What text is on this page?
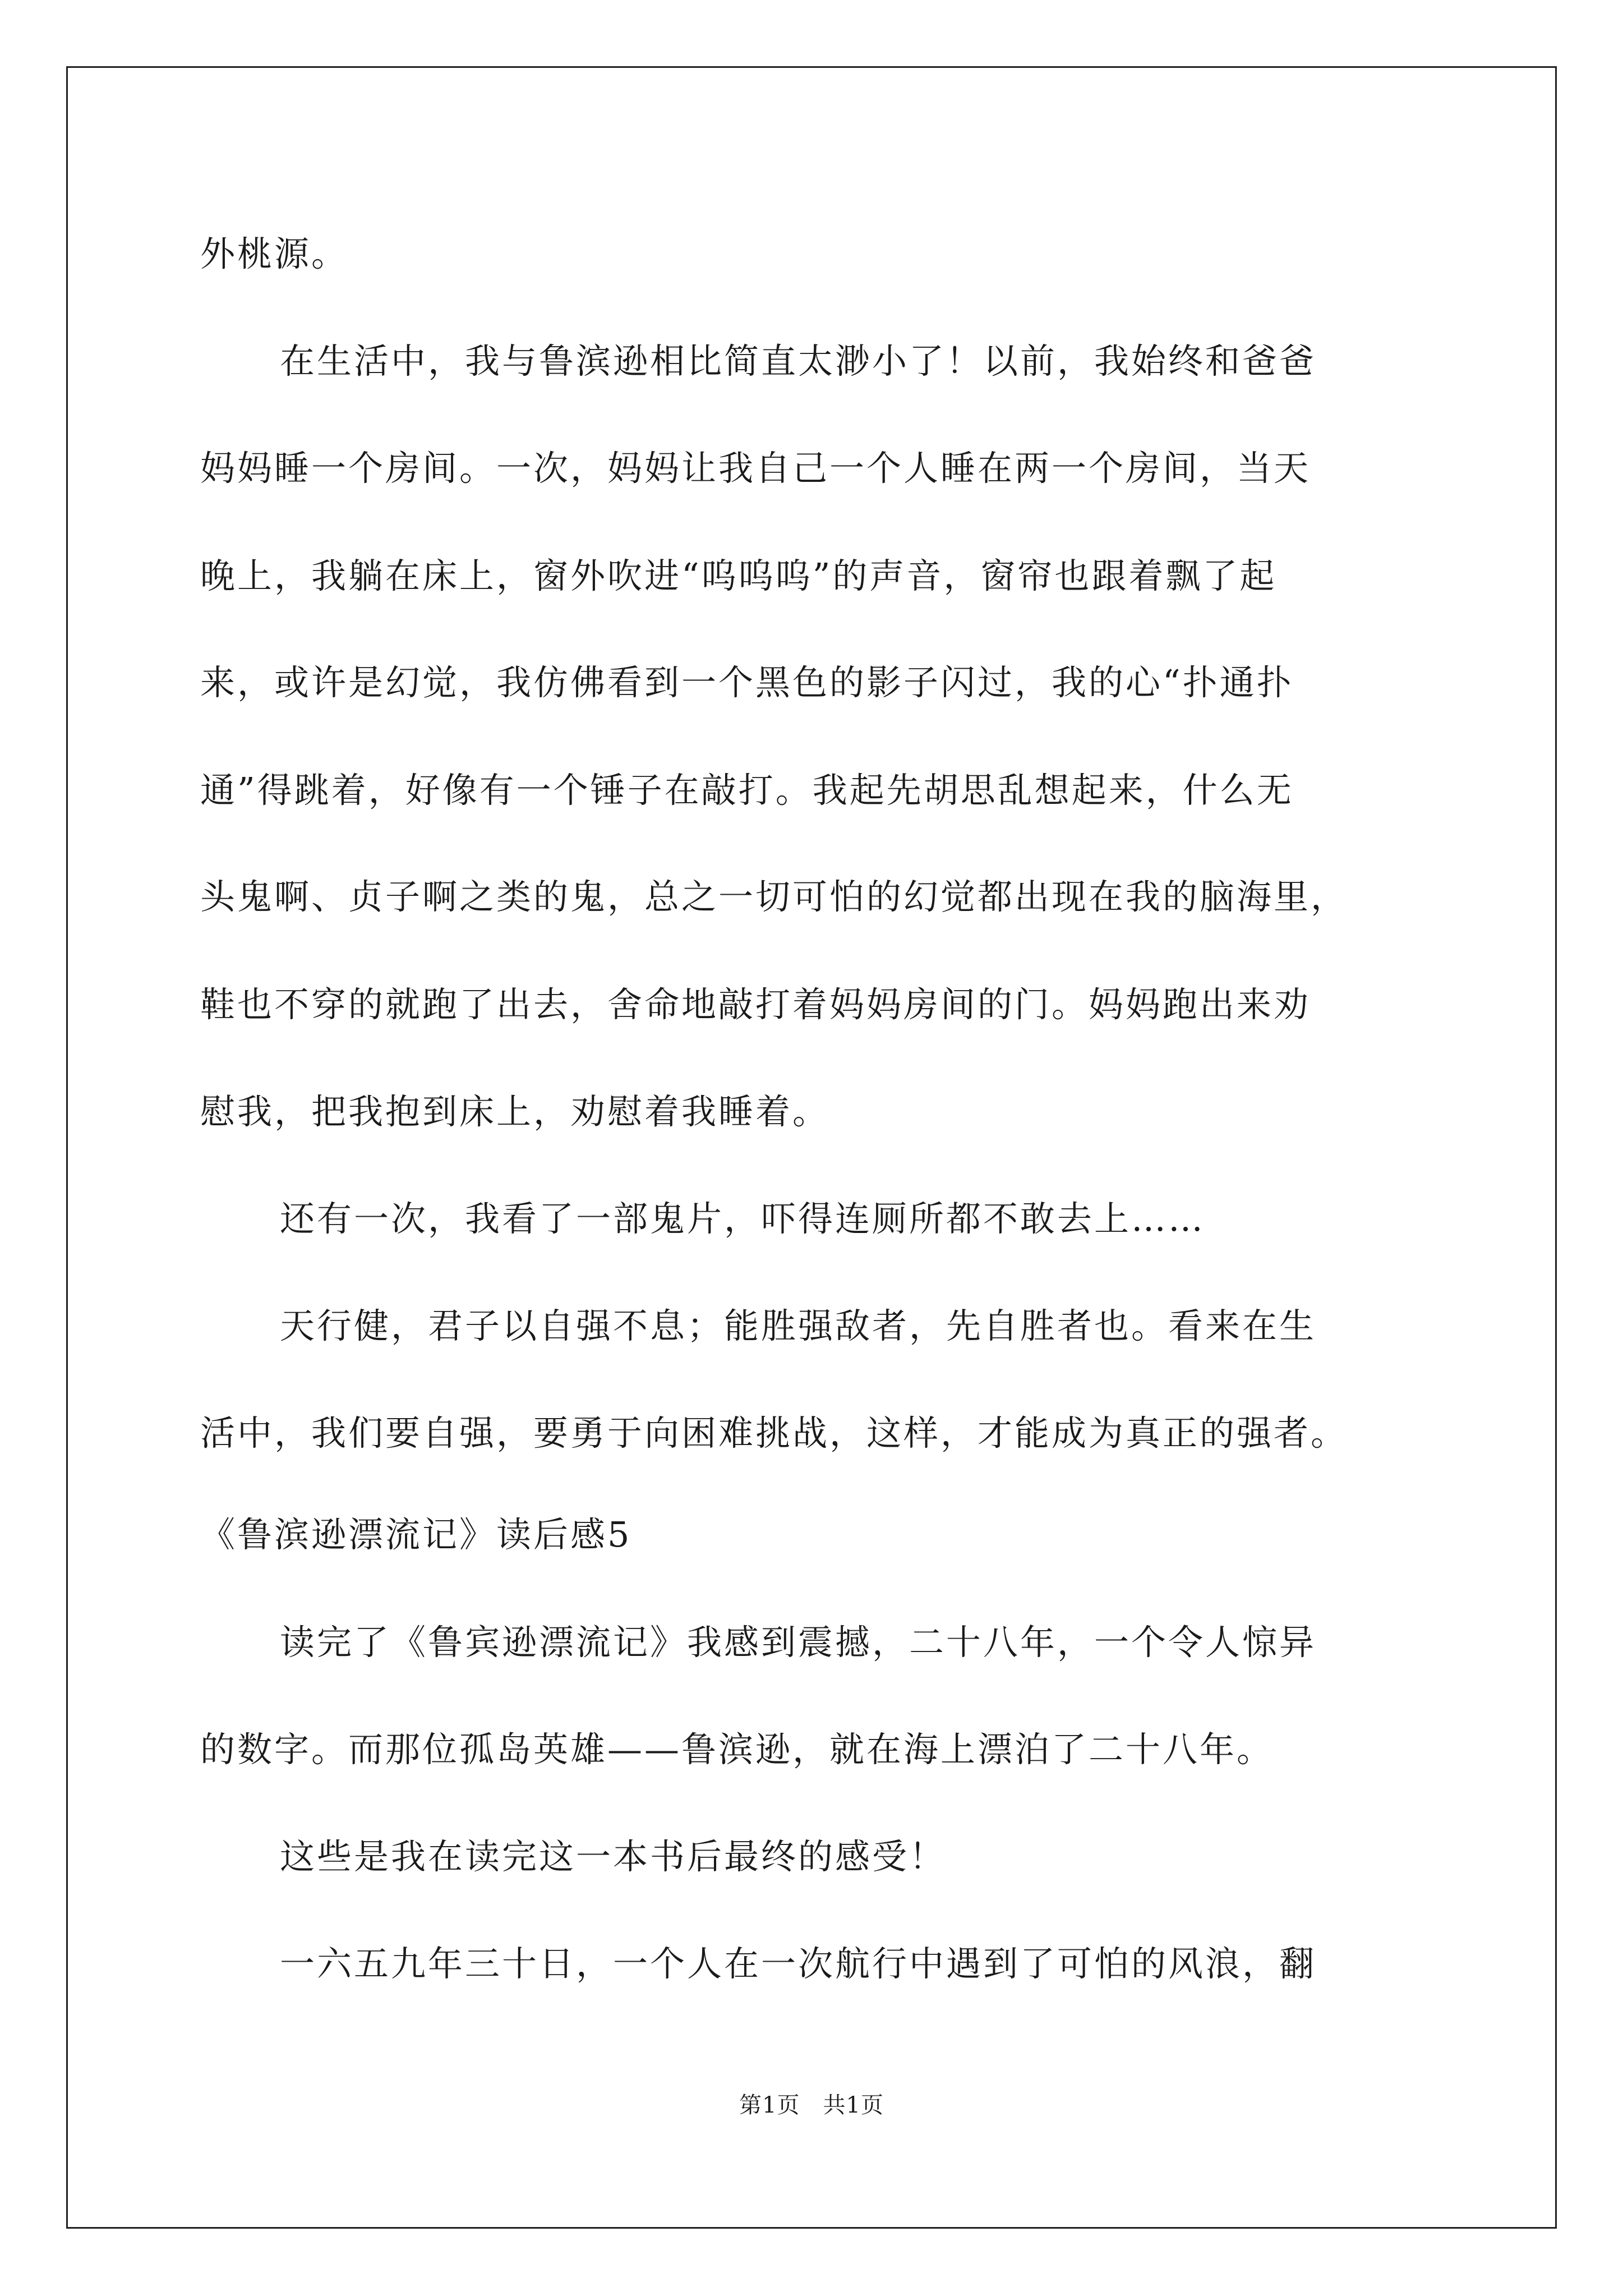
外桃源。
在生活中，我与鲁滨逊相比简直太渺小了！以前，我始终和爸爸
妈妈睡一个房间。一次，妈妈让我自己一个人睡在两一个房间，当天
晚上，我躺在床上，窗外吹进“呜呜呜”的声音，窗帘也跟着飘了起
来，或许是幻觉，我仿佛看到一个黑色的影子闪过，我的心“扑通扑
通”得跳着，好像有一个锤子在敲打。我起先胡思乱想起来，什么无
头鬼啊、贞子啊之类的鬼，总之一切可怕的幻觉都出现在我的脑海里，
鞋也不穿的就跑了出去，舍命地敲打着妈妈房间的门。妈妈跑出来劝
慰我，把我抱到床上，劝慰着我睡着。
还有一次，我看了一部鬼片，吓得连厕所都不敢去上……
天行健，君子以自强不息；能胜强敌者，先自胜者也。看来在生
活中，我们要自强，要勇于向困难挑战，这样，才能成为真正的强者。
《鲁滨逊漂流记》读后感5
读完了《鲁宾逊漂流记》我感到震撼，二十八年，一个令人惊异
的数字。而那位孤岛英雄——鲁滨逊，就在海上漂泊了二十八年。
这些是我在读完这一本书后最终的感受！
一六五九年三十日，一个人在一次航行中遇到了可怕的风浪，翻
第1页　共1页
